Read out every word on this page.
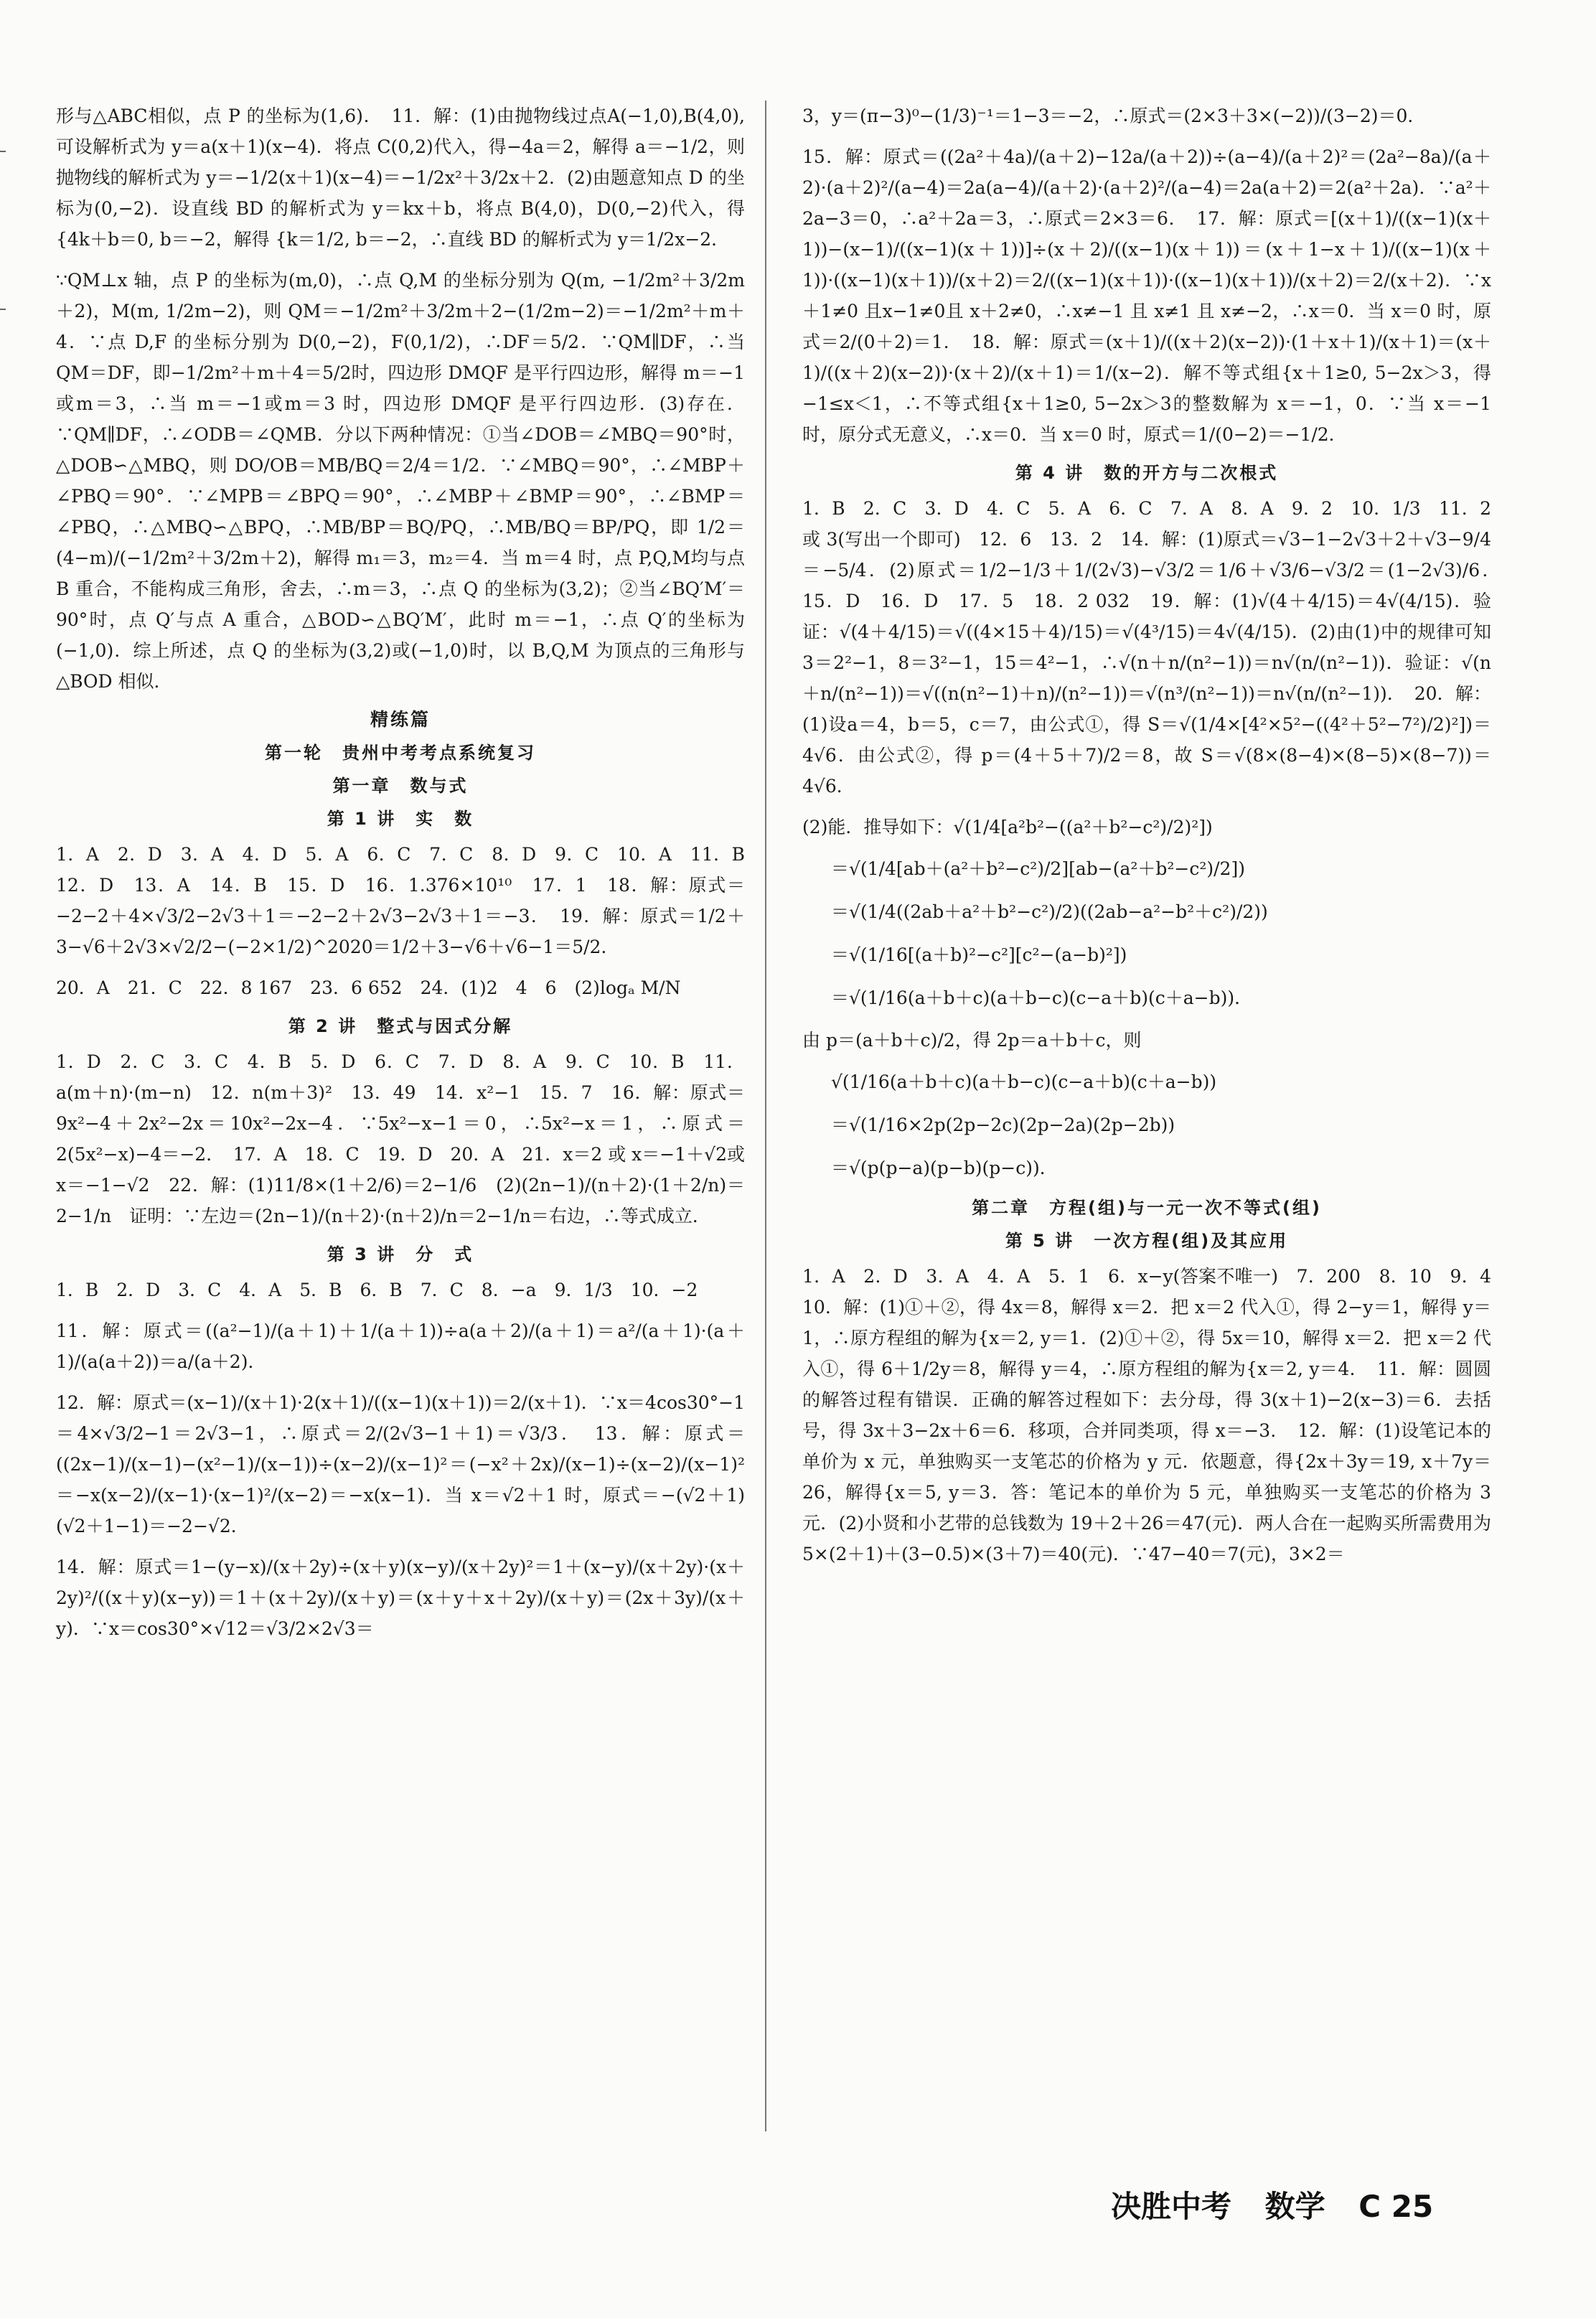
形与△ABC相似，点 P 的坐标为(1,6)．　11．解：(1)由抛物线过点A(−1,0),B(4,0),可设解析式为 y＝a(x＋1)(x−4)．将点 C(0,2)代入，得−4a＝2，解得 a＝−1/2，则抛物线的解析式为 y＝−1/2(x＋1)(x−4)＝−1/2x²＋3/2x＋2．(2)由题意知点 D 的坐标为(0,−2)．设直线 BD 的解析式为 y＝kx＋b，将点 B(4,0)，D(0,−2)代入，得 {4k＋b＝0, b＝−2，解得 {k＝1/2, b＝−2，∴直线 BD 的解析式为 y＝1/2x−2．

∵QM⊥x 轴，点 P 的坐标为(m,0)，∴点 Q,M 的坐标分别为 Q(m, −1/2m²＋3/2m＋2)，M(m, 1/2m−2)，则 QM＝−1/2m²＋3/2m＋2−(1/2m−2)＝−1/2m²＋m＋4．∵点 D,F 的坐标分别为 D(0,−2)，F(0,1/2)，∴DF＝5/2．∵QM∥DF，∴当 QM＝DF，即−1/2m²＋m＋4＝5/2时，四边形 DMQF 是平行四边形，解得 m＝−1或m＝3，∴当 m＝−1或m＝3 时，四边形 DMQF 是平行四边形．(3)存在．∵QM∥DF，∴∠ODB＝∠QMB．分以下两种情况：①当∠DOB＝∠MBQ＝90°时，△DOB∽△MBQ，则 DO/OB＝MB/BQ＝2/4＝1/2．∵∠MBQ＝90°，∴∠MBP＋∠PBQ＝90°．∵∠MPB＝∠BPQ＝90°，∴∠MBP＋∠BMP＝90°，∴∠BMP＝∠PBQ，∴△MBQ∽△BPQ，∴MB/BP＝BQ/PQ，∴MB/BQ＝BP/PQ，即 1/2＝(4−m)/(−1/2m²＋3/2m＋2)，解得 m₁＝3，m₂＝4．当 m＝4 时，点 P,Q,M均与点 B 重合，不能构成三角形，舍去，∴m＝3，∴点 Q 的坐标为(3,2)；②当∠BQ′M′＝90°时，点 Q′与点 A 重合，△BOD∽△BQ′M′，此时 m＝−1，∴点 Q′的坐标为(−1,0)．综上所述，点 Q 的坐标为(3,2)或(−1,0)时，以 B,Q,M 为顶点的三角形与△BOD 相似．

精练篇
第一轮　贵州中考考点系统复习
第一章　数与式
第 1 讲　实　数

1．A　2．D　3．A　4．D　5．A　6．C　7．C　8．D　9．C　10．A　11．B　12．D　13．A　14．B　15．D　16．1.376×10¹⁰　17．1　18．解：原式＝−2−2＋4×√3/2−2√3＋1＝−2−2＋2√3−2√3＋1＝−3．　19．解：原式＝1/2＋3−√6＋2√3×√2/2−(−2×1/2)^2020＝1/2＋3−√6＋√6−1＝5/2．

20．A　21．C　22．8 167　23．6 652　24．(1)2　4　6　(2)logₐ M/N

第 2 讲　整式与因式分解

1．D　2．C　3．C　4．B　5．D　6．C　7．D　8．A　9．C　10．B　11．a(m＋n)·(m−n)　12．n(m＋3)²　13．49　14．x²−1　15．7　16．解：原式＝9x²−4＋2x²−2x＝10x²−2x−4．∵5x²−x−1＝0，∴5x²−x＝1，∴原式＝2(5x²−x)−4＝−2．　17．A　18．C　19．D　20．A　21．x＝2 或 x＝−1＋√2或 x＝−1−√2　22．解：(1)11/8×(1＋2/6)＝2−1/6　(2)(2n−1)/(n＋2)·(1＋2/n)＝2−1/n　证明：∵左边＝(2n−1)/(n＋2)·(n＋2)/n＝2−1/n＝右边，∴等式成立．

第 3 讲　分　式

1．B　2．D　3．C　4．A　5．B　6．B　7．C　8．−a　9．1/3　10．−2

11．解：原式＝((a²−1)/(a＋1)＋1/(a＋1))÷a(a＋2)/(a＋1)＝a²/(a＋1)·(a＋1)/(a(a＋2))＝a/(a＋2)．

12．解：原式＝(x−1)/(x＋1)·2(x＋1)/((x−1)(x＋1))＝2/(x＋1)．∵x＝4cos30°−1＝4×√3/2−1＝2√3−1，∴原式＝2/(2√3−1＋1)＝√3/3．　13．解：原式＝((2x−1)/(x−1)−(x²−1)/(x−1))÷(x−2)/(x−1)²＝(−x²＋2x)/(x−1)÷(x−2)/(x−1)²＝−x(x−2)/(x−1)·(x−1)²/(x−2)＝−x(x−1)．当 x＝√2＋1 时，原式＝−(√2＋1)(√2＋1−1)＝−2−√2．

14．解：原式＝1−(y−x)/(x＋2y)÷(x＋y)(x−y)/(x＋2y)²＝1＋(x−y)/(x＋2y)·(x＋2y)²/((x＋y)(x−y))＝1＋(x＋2y)/(x＋y)＝(x＋y＋x＋2y)/(x＋y)＝(2x＋3y)/(x＋y)．∵x＝cos30°×√12＝√3/2×2√3＝

3，y＝(π−3)⁰−(1/3)⁻¹＝1−3＝−2，∴原式＝(2×3＋3×(−2))/(3−2)＝0．

15．解：原式＝((2a²＋4a)/(a＋2)−12a/(a＋2))÷(a−4)/(a＋2)²＝(2a²−8a)/(a＋2)·(a＋2)²/(a−4)＝2a(a−4)/(a＋2)·(a＋2)²/(a−4)＝2a(a＋2)＝2(a²＋2a)．∵a²＋2a−3＝0，∴a²＋2a＝3，∴原式＝2×3＝6．　17．解：原式＝[(x＋1)/((x−1)(x＋1))−(x−1)/((x−1)(x＋1))]÷(x＋2)/((x−1)(x＋1))＝(x＋1−x＋1)/((x−1)(x＋1))·((x−1)(x＋1))/(x＋2)＝2/((x−1)(x＋1))·((x−1)(x＋1))/(x＋2)＝2/(x＋2)．∵x＋1≠0 且x−1≠0且 x＋2≠0，∴x≠−1 且 x≠1 且 x≠−2，∴x＝0．当 x＝0 时，原式＝2/(0＋2)＝1．　18．解：原式＝(x＋1)/((x＋2)(x−2))·(1＋x＋1)/(x＋1)＝(x＋1)/((x＋2)(x−2))·(x＋2)/(x＋1)＝1/(x−2)．解不等式组{x＋1≥0, 5−2x＞3，得−1≤x＜1，∴不等式组{x＋1≥0, 5−2x＞3的整数解为 x＝−1，0．∵当 x＝−1 时，原分式无意义，∴x＝0．当 x＝0 时，原式＝1/(0−2)＝−1/2．

第 4 讲　数的开方与二次根式

1．B　2．C　3．D　4．C　5．A　6．C　7．A　8．A　9．2　10．1/3　11．2或 3(写出一个即可)　12．6　13．2　14．解：(1)原式＝√3−1−2√3＋2＋√3−9/4＝−5/4．(2)原式＝1/2−1/3＋1/(2√3)−√3/2＝1/6＋√3/6−√3/2＝(1−2√3)/6．　15．D　16．D　17．5　18．2 032　19．解：(1)√(4＋4/15)＝4√(4/15)．验证：√(4＋4/15)＝√((4×15＋4)/15)＝√(4³/15)＝4√(4/15)．(2)由(1)中的规律可知 3＝2²−1，8＝3²−1，15＝4²−1，∴√(n＋n/(n²−1))＝n√(n/(n²−1))．验证：√(n＋n/(n²−1))＝√((n(n²−1)＋n)/(n²−1))＝√(n³/(n²−1))＝n√(n/(n²−1))．　20．解：(1)设a＝4，b＝5，c＝7，由公式①，得 S＝√(1/4×[4²×5²−((4²＋5²−7²)/2)²])＝4√6．由公式②，得 p＝(4＋5＋7)/2＝8，故 S＝√(8×(8−4)×(8−5)×(8−7))＝4√6．

(2)能．推导如下：√(1/4[a²b²−((a²＋b²−c²)/2)²])

＝√(1/4[ab＋(a²＋b²−c²)/2][ab−(a²＋b²−c²)/2])
＝√(1/4((2ab＋a²＋b²−c²)/2)((2ab−a²−b²＋c²)/2))
＝√(1/16[(a＋b)²−c²][c²−(a−b)²])
＝√(1/16(a＋b＋c)(a＋b−c)(c−a＋b)(c＋a−b))．

由 p＝(a＋b＋c)/2，得 2p＝a＋b＋c，则

√(1/16(a＋b＋c)(a＋b−c)(c−a＋b)(c＋a−b))
＝√(1/16×2p(2p−2c)(2p−2a)(2p−2b))
＝√(p(p−a)(p−b)(p−c))．
第二章　方程(组)与一元一次不等式(组)
第 5 讲　一次方程(组)及其应用

1．A　2．D　3．A　4．A　5．1　6．x−y(答案不唯一)　7．200　8．10　9．4　10．解：(1)①＋②，得 4x＝8，解得 x＝2．把 x＝2 代入①，得 2−y＝1，解得 y＝1，∴原方程组的解为{x＝2, y＝1．(2)①＋②，得 5x＝10，解得 x＝2．把 x＝2 代入①，得 6＋1/2y＝8，解得 y＝4，∴原方程组的解为{x＝2, y＝4．　11．解：圆圆的解答过程有错误．正确的解答过程如下：去分母，得 3(x＋1)−2(x−3)＝6．去括号，得 3x＋3−2x＋6＝6．移项，合并同类项，得 x＝−3．　12．解：(1)设笔记本的单价为 x 元，单独购买一支笔芯的价格为 y 元．依题意，得{2x＋3y＝19, x＋7y＝26，解得{x＝5, y＝3．答：笔记本的单价为 5 元，单独购买一支笔芯的价格为 3 元．(2)小贤和小艺带的总钱数为 19＋2＋26＝47(元)．两人合在一起购买所需费用为 5×(2＋1)＋(3−0.5)×(3＋7)＝40(元)．∵47−40＝7(元)，3×2＝

决胜中考 数学 C 25
